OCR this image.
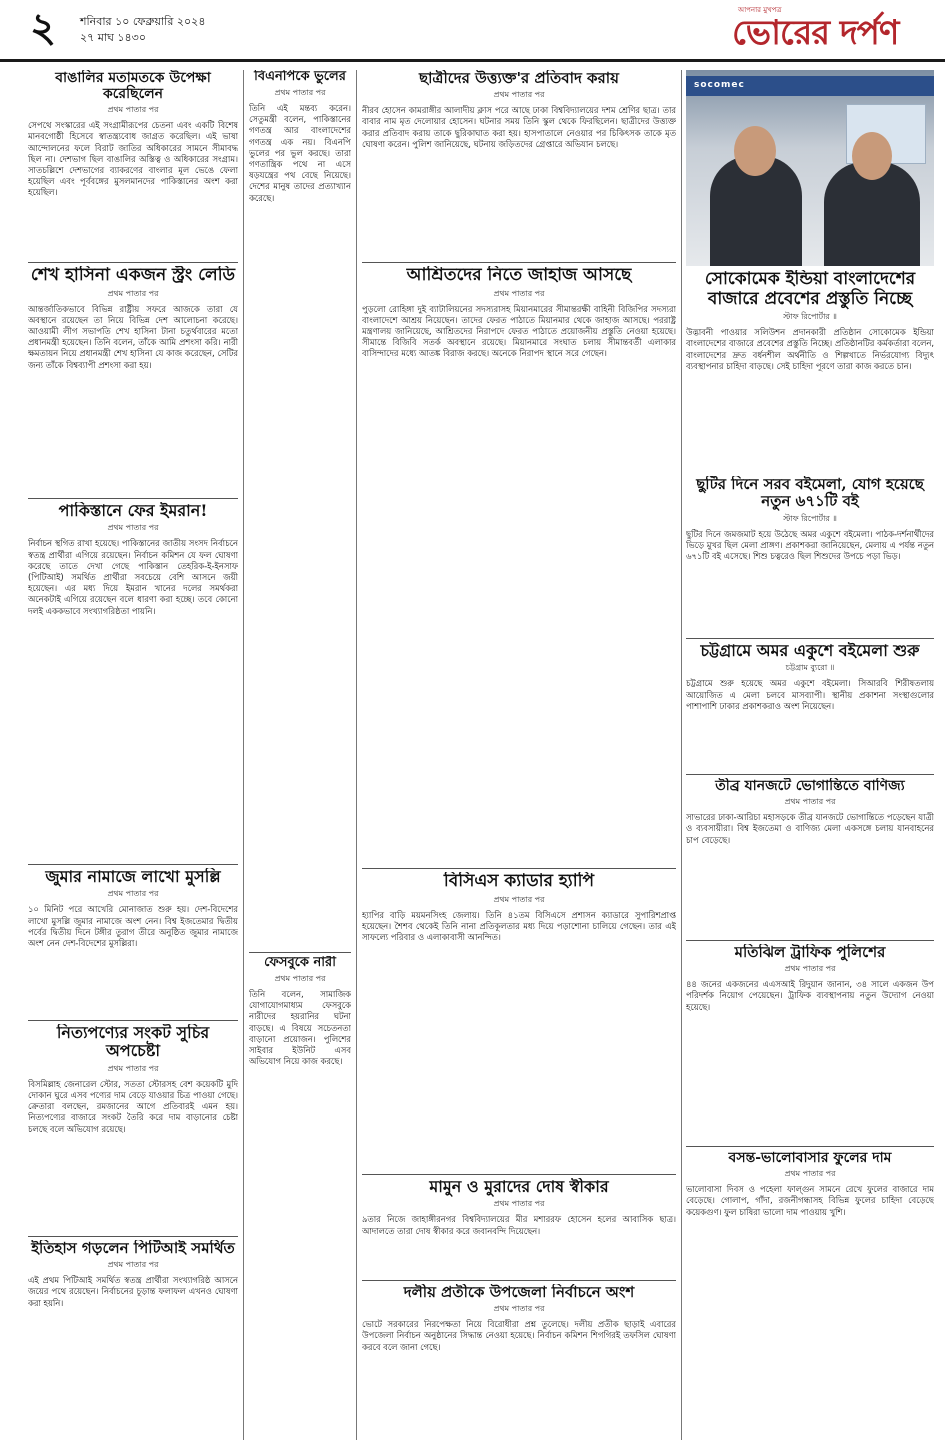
২ শনিবার ১০ ফেব্রুয়ারি ২০২৪
২৭ মাঘ ১৪৩০
আপনার মুখপত্র
ভোরের দর্পণ
বাঙালির মতামতকে উপেক্ষা করেছিলেন
প্রথম পাতার পর

সেপথে সংস্কারের এই সংগ্রামীরূপের চেতনা এবং একটি বিশেষ মানবগোষ্ঠী হিসেবে স্বাতন্ত্র্যবোধ জাগ্রত করেছিল। এই ভাষা আন্দোলনের ফলে বিরাট জাতির অধিকারের সামনে সীমাবদ্ধ ছিল না। দেশভাগ ছিল বাঙালির অস্তিত্ব ও অধিকারের সংগ্রাম। সাতচল্লিশে দেশভাগের ব্যাকরণের বাংলার মূল ভেঙে ফেলা হয়েছিল এবং পূর্ববঙ্গের মুসলমানদের পাকিস্তানের অংশ করা হয়েছিল।

শেখ হাসিনা একজন স্ট্রং লেডি
প্রথম পাতার পর

আন্তর্জাতিকভাবে বিভিন্ন রাষ্ট্রীয় সফরে আজকে তারা যে অবস্থানে রয়েছেন তা নিয়ে বিভিন্ন দেশ আলোচনা করেছে। আওয়ামী লীগ সভাপতি শেখ হাসিনা টানা চতুর্থবারের মতো প্রধানমন্ত্রী হয়েছেন। তিনি বলেন, তাঁকে আমি প্রশংসা করি। নারী ক্ষমতায়ন নিয়ে প্রধানমন্ত্রী শেখ হাসিনা যে কাজ করেছেন, সেটির জন্য তাঁকে বিশ্বব্যাপী প্রশংসা করা হয়।

পাকিস্তানে ফের ইমরান!
প্রথম পাতার পর

নির্বাচন স্থগিত রাখা হয়েছে। পাকিস্তানের জাতীয় সংসদ নির্বাচনে স্বতন্ত্র প্রার্থীরা এগিয়ে রয়েছেন। নির্বাচন কমিশন যে ফল ঘোষণা করেছে তাতে দেখা গেছে পাকিস্তান তেহরিক-ই-ইনসাফ (পিটিআই) সমর্থিত প্রার্থীরা সবচেয়ে বেশি আসনে জয়ী হয়েছেন। এর মধ্য দিয়ে ইমরান খানের দলের সমর্থকরা অনেকটাই এগিয়ে রয়েছেন বলে ধারণা করা হচ্ছে। তবে কোনো দলই এককভাবে সংখ্যাগরিষ্ঠতা পায়নি।

জুমার নামাজে লাখো মুসল্লি
প্রথম পাতার পর

১০ মিনিট পরে আখেরি মোনাজাত শুরু হয়। দেশ-বিদেশের লাখো মুসল্লি জুমার নামাজে অংশ নেন। বিশ্ব ইজতেমার দ্বিতীয় পর্বের দ্বিতীয় দিনে টঙ্গীর তুরাগ তীরে অনুষ্ঠিত জুমার নামাজে অংশ নেন দেশ-বিদেশের মুসল্লিরা।

নিত্যপণ্যের সংকট সুচির অপচেষ্টা
প্রথম পাতার পর

বিসমিল্লাহ জেনারেল স্টোর, সততা স্টোরসহ বেশ কয়েকটি মুদি দোকান ঘুরে এসব পণ্যের দাম বেড়ে যাওয়ার চিত্র পাওয়া গেছে। ক্রেতারা বলছেন, রমজানের আগে প্রতিবারই এমন হয়। নিত্যপণ্যের বাজারে সংকট তৈরি করে দাম বাড়ানোর চেষ্টা চলছে বলে অভিযোগ রয়েছে।

ইতিহাস গড়লেন পিটিআই সমর্থিত
প্রথম পাতার পর

এই প্রথম পিটিআই সমর্থিত স্বতন্ত্র প্রার্থীরা সংখ্যাগরিষ্ঠ আসনে জয়ের পথে রয়েছেন। নির্বাচনের চূড়ান্ত ফলাফল এখনও ঘোষণা করা হয়নি।

বিএনপিকে ভুলের
প্রথম পাতার পর

তিনি এই মন্তব্য করেন। সেতুমন্ত্রী বলেন, পাকিস্তানের গণতন্ত্র আর বাংলাদেশের গণতন্ত্র এক নয়। বিএনপি ভুলের পর ভুল করছে। তারা গণতান্ত্রিক পথে না এসে ষড়যন্ত্রের পথ বেছে নিয়েছে। দেশের মানুষ তাদের প্রত্যাখ্যান করেছে।

ফেসবুকে নারী
প্রথম পাতার পর

তিনি বলেন, সামাজিক যোগাযোগমাধ্যম ফেসবুকে নারীদের হয়রানির ঘটনা বাড়ছে। এ বিষয়ে সচেতনতা বাড়ানো প্রয়োজন। পুলিশের সাইবার ইউনিট এসব অভিযোগ নিয়ে কাজ করছে।

ছাত্রীদের উত্ত্যক্ত'র প্রতিবাদ করায়
প্রথম পাতার পর

নীরব হোসেন কামরাঙ্গীর আলাদীয় ক্লাস পরে আছে ঢাকা বিশ্ববিদ্যালয়ের দশম শ্রেণির ছাত্র। তার বাবার নাম মৃত দেলোয়ার হোসেন। ঘটনার সময় তিনি স্কুল থেকে ফিরছিলেন। ছাত্রীদের উত্ত্যক্ত করার প্রতিবাদ করায় তাকে ছুরিকাঘাত করা হয়। হাসপাতালে নেওয়ার পর চিকিৎসক তাকে মৃত ঘোষণা করেন। পুলিশ জানিয়েছে, ঘটনায় জড়িতদের গ্রেপ্তারে অভিযান চলছে।

আশ্রিতদের নিতে জাহাজ আসছে
প্রথম পাতার পর

পুড়লো রোহিঙ্গা দুই ব্যাটালিয়নের সদস্যরাসহ মিয়ানমারের সীমান্তরক্ষী বাহিনী বিজিপির সদস্যরা বাংলাদেশে আশ্রয় নিয়েছেন। তাদের ফেরত পাঠাতে মিয়ানমার থেকে জাহাজ আসছে। পররাষ্ট্র মন্ত্রণালয় জানিয়েছে, আশ্রিতদের নিরাপদে ফেরত পাঠাতে প্রয়োজনীয় প্রস্তুতি নেওয়া হয়েছে। সীমান্তে বিজিবি সতর্ক অবস্থানে রয়েছে। মিয়ানমারে সংঘাত চলায় সীমান্তবর্তী এলাকার বাসিন্দাদের মধ্যে আতঙ্ক বিরাজ করছে। অনেকে নিরাপদ স্থানে সরে গেছেন।

বিসিএস ক্যাডার হ্যাপি
প্রথম পাতার পর

হ্যাপির বাড়ি ময়মনসিংহ জেলায়। তিনি ৪১তম বিসিএসে প্রশাসন ক্যাডারে সুপারিশপ্রাপ্ত হয়েছেন। শৈশব থেকেই তিনি নানা প্রতিকূলতার মধ্য দিয়ে পড়াশোনা চালিয়ে গেছেন। তার এই সাফল্যে পরিবার ও এলাকাবাসী আনন্দিত।

মামুন ও মুরাদের দোষ স্বীকার
প্রথম পাতার পর

৯তার নিজে জাহাঙ্গীরনগর বিশ্ববিদ্যালয়ের মীর মশাররফ হোসেন হলের আবাসিক ছাত্র। আদালতে তারা দোষ স্বীকার করে জবানবন্দি দিয়েছেন।

দলীয় প্রতীকে উপজেলা নির্বাচনে অংশ
প্রথম পাতার পর

ভোটে সরকারের নিরপেক্ষতা নিয়ে বিরোধীরা প্রশ্ন তুলেছে। দলীয় প্রতীক ছাড়াই এবারের উপজেলা নির্বাচন অনুষ্ঠানের সিদ্ধান্ত নেওয়া হয়েছে। নির্বাচন কমিশন শিগগিরই তফসিল ঘোষণা করবে বলে জানা গেছে।

socomec
সোকোমেক ইন্ডিয়া বাংলাদেশের বাজারে প্রবেশের প্রস্তুতি নিচ্ছে
স্টাফ রিপোর্টার ॥

উদ্ভাবনী পাওয়ার সলিউশন প্রদানকারী প্রতিষ্ঠান সোকোমেক ইন্ডিয়া বাংলাদেশের বাজারে প্রবেশের প্রস্তুতি নিচ্ছে। প্রতিষ্ঠানটির কর্মকর্তারা বলেন, বাংলাদেশের দ্রুত বর্ধনশীল অর্থনীতি ও শিল্পখাতে নির্ভরযোগ্য বিদ্যুৎ ব্যবস্থাপনার চাহিদা বাড়ছে। সেই চাহিদা পূরণে তারা কাজ করতে চান।

ছুটির দিনে সরব বইমেলা, যোগ হয়েছে নতুন ৬৭১টি বই
স্টাফ রিপোর্টার ॥

ছুটির দিনে জমজমাট হয়ে উঠেছে অমর একুশে বইমেলা। পাঠক-দর্শনার্থীদের ভিড়ে মুখর ছিল মেলা প্রাঙ্গণ। প্রকাশকরা জানিয়েছেন, মেলায় এ পর্যন্ত নতুন ৬৭১টি বই এসেছে। শিশু চত্বরেও ছিল শিশুদের উপচে পড়া ভিড়।

চট্টগ্রামে অমর একুশে বইমেলা শুরু
চট্টগ্রাম ব্যুরো ॥

চট্টগ্রামে শুরু হয়েছে অমর একুশে বইমেলা। সিআরবি শিরীষতলায় আয়োজিত এ মেলা চলবে মাসব্যাপী। স্থানীয় প্রকাশনা সংস্থাগুলোর পাশাপাশি ঢাকার প্রকাশকরাও অংশ নিয়েছেন।

তীব্র যানজটে ভোগান্তিতে বাণিজ্য
প্রথম পাতার পর

সাভারের ঢাকা-আরিচা মহাসড়কে তীব্র যানজটে ভোগান্তিতে পড়েছেন যাত্রী ও ব্যবসায়ীরা। বিশ্ব ইজতেমা ও বাণিজ্য মেলা একসঙ্গে চলায় যানবাহনের চাপ বেড়েছে।

মতিঝিল ট্রাফিক পুলিশের
প্রথম পাতার পর

৪৪ জনের একজনের এএসআই রিদুয়ান জানান, ৩৪ সালে একজন উপ পরিদর্শক নিয়োগ পেয়েছেন। ট্রাফিক ব্যবস্থাপনায় নতুন উদ্যোগ নেওয়া হয়েছে।

বসন্ত-ভালোবাসার ফুলের দাম
প্রথম পাতার পর

ভালোবাসা দিবস ও পহেলা ফাল্গুন সামনে রেখে ফুলের বাজারে দাম বেড়েছে। গোলাপ, গাঁদা, রজনীগন্ধাসহ বিভিন্ন ফুলের চাহিদা বেড়েছে কয়েকগুণ। ফুল চাষিরা ভালো দাম পাওয়ায় খুশি।
